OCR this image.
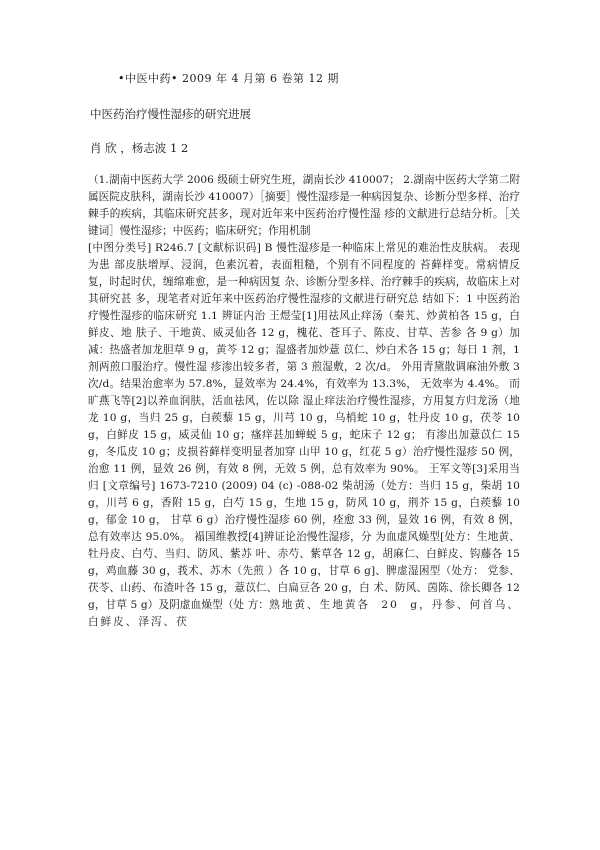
•中医中药• 2009 年 4 月第 6 卷第 12 期
中医药治疗慢性湿疹的研究进展
肖 欣 ，杨志波 1 2
（1.湖南中医药大学 2006 级硕士研究生班，湖南长沙 410007； 2.湖南中医药大学第二附属医院皮肤科，湖南长沙 410007）［摘要］慢性湿疹是一种病因复杂、诊断分型多样、治疗棘手的疾病，其临床研究甚多，现对近年来中医药治疗慢性湿 疹的文献进行总结分析。［关键词］慢性湿疹；中医药；临床研究；作用机制
[中图分类号] R246.7 [文献标识码] B 慢性湿疹是一种临床上常见的难治性皮肤病。 表现为患 部皮肤增厚、浸润，色素沉着，表面粗糙，个别有不同程度的 苔藓样变。常病情反复，时起时伏，缠绵难愈，是一种病因复 杂、诊断分型多样、治疗棘手的疾病，故临床上对其研究甚 多，现笔者对近年来中医药治疗慢性湿疹的文献进行研究总 结如下：1 中医药治疗慢性湿疹的临床研究 1.1 辨证内治 王煜莹[1]用祛风止痒汤（秦艽、炒黄柏各 15 g，白鲜皮、地 肤子、干地黄、威灵仙各 12 g，槐花、苍耳子、陈皮、甘草、苦参 各 9 g）加减：热盛者加龙胆草 9 g，黄芩 12 g；湿盛者加炒薏 苡仁、炒白术各 15 g；每日 1 剂，1 剂两煎口服治疗。慢性湿 疹渗出较多者，第 3 煎湿敷，2 次/d。 外用青黛散调麻油外敷 3 次/d。结果治愈率为 57.8%，显效率为 24.4%，有效率为 13.3%， 无效率为 4.4%。 而旷燕飞等[2]以养血润肤，活血祛风，佐以除 湿止痒法治疗慢性湿疹，方用复方归龙汤（地龙 10 g，当归 25 g，白蒺藜 15 g，川芎 10 g，乌梢蛇 10 g，牡丹皮 10 g，茯苓 10 g，白鲜皮 15 g，威灵仙 10 g；瘙痒甚加蝉蜕 5 g，蛇床子 12 g； 有渗出加薏苡仁 15 g，冬瓜皮 10 g；皮损苔藓样变明显者加穿 山甲 10 g，红花 5 g）治疗慢性湿疹 50 例，治愈 11 例，显效 26 例，有效 8 例，无效 5 例，总有效率为 90%。 王军文等[3]采用当归 [文章编号] 1673-7210 (2009) 04 (c) -088-02 柴胡汤（处方：当归 15 g，柴胡 10 g，川芎 6 g，香附 15 g，白芍 15 g，生地 15 g，防风 10 g，荆芥 15 g，白蒺藜 10 g，郁金 10 g， 甘草 6 g）治疗慢性湿疹 60 例，痊愈 33 例，显效 16 例，有效 8 例，总有效率达 95.0%。 褟国维教授[4]辨证论治慢性湿疹，分 为血虚风燥型[处方：生地黄、牡丹皮、白芍、当归、防风、紫苏 叶、赤芍、紫草各 12 g，胡麻仁、白鲜皮、钩藤各 15 g，鸡血藤 30 g，莪术、苏木（先煎 ）各 10 g，甘草 6 g]、脾虚湿困型（处方： 党参、茯苓、山药、布渣叶各 15 g，薏苡仁、白扁豆各 20 g，白 术、防风、茵陈、徐长卿各 12 g，甘草 5 g）及阴虚血燥型（处 方：熟地黄、生地黄各 20 g，丹参、何首乌、白鲜皮、泽泻、茯
